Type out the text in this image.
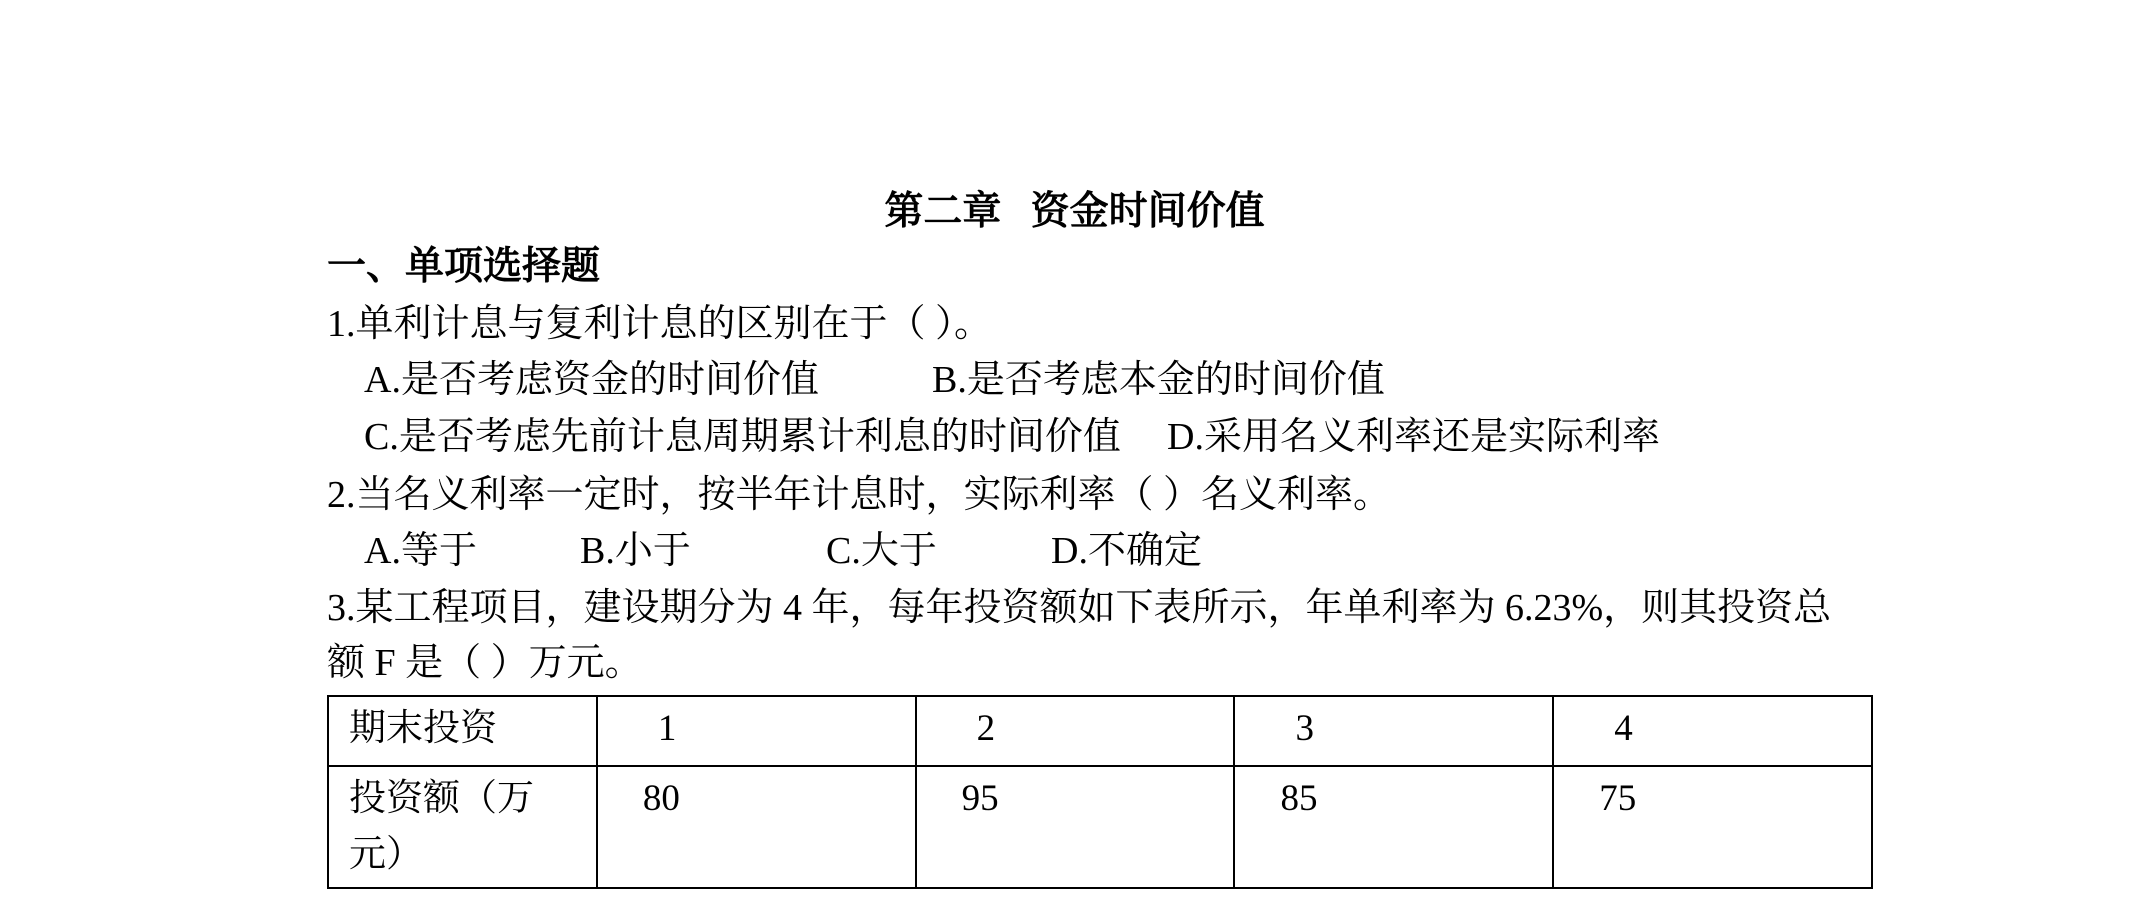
第二章   资金时间价值
一、单项选择题
1.单利计息与复利计息的区别在于（ ）。
A.是否考虑资金的时间价值	B.是否考虑本金的时间价值
C.是否考虑先前计息周期累计利息的时间价值 D.采用名义利率还是实际利率
2.当名义利率一定时，按半年计息时，实际利率（ ）名义利率。
A.等于	B.小于	C.大于	D.不确定
3.某工程项目，建设期分为 4 年，每年投资额如下表所示，年单利率为 6.23%，则其投资总
额 F 是（ ）万元。
期末投资	1	2	3	4

投资额（万
元）	80	95	85	75
